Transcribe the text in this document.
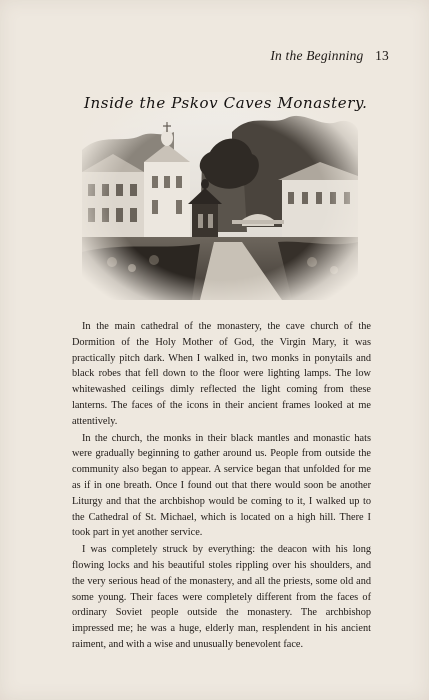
In the Beginning 13
Inside the Pskov Caves Monastery.

In the main cathedral of the monastery, the cave church of the Dormition of the Holy Mother of God, the Virgin Mary, it was practically pitch dark. When I walked in, two monks in ponytails and black robes that fell down to the floor were lighting lamps. The low whitewashed ceilings dimly reflected the light coming from these lanterns. The faces of the icons in their ancient frames looked at me attentively.

In the church, the monks in their black mantles and monastic hats were gradually beginning to gather around us. People from outside the community also began to appear. A service began that unfolded for me as if in one breath. Once I found out that there would soon be another Liturgy and that the archbishop would be coming to it, I walked up to the Cathedral of St. Michael, which is located on a high hill. There I took part in yet another service.

I was completely struck by everything: the deacon with his long flowing locks and his beautiful stoles rippling over his shoulders, and the very serious head of the monastery, and all the priests, some old and some young. Their faces were completely different from the faces of ordinary Soviet people outside the monastery. The archbishop impressed me; he was a huge, elderly man, resplendent in his ancient raiment, and with a wise and unusually benevolent face.
